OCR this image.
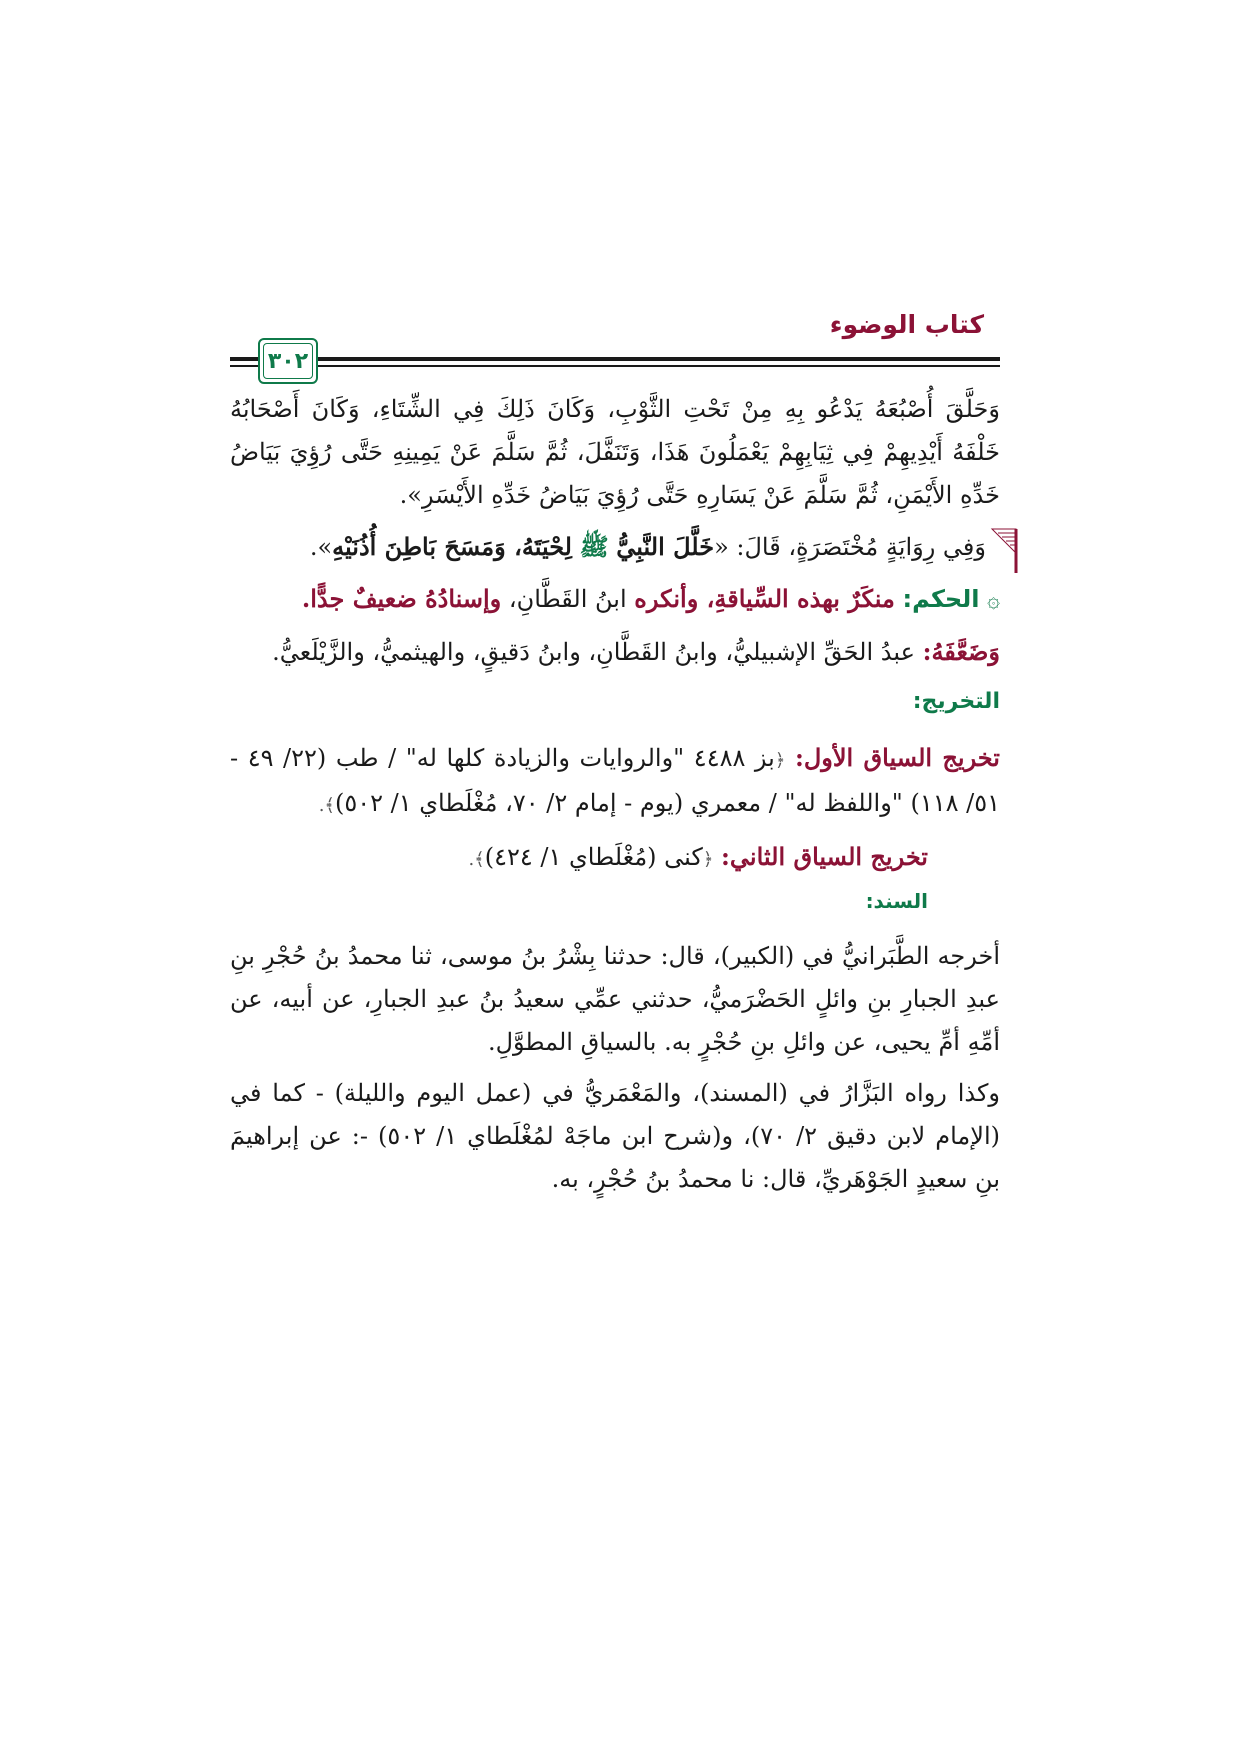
كتاب الوضوء
٣٠٢

وَحَلَّقَ أُصْبُعَهُ يَدْعُو بِهِ مِنْ تَحْتِ الثَّوْبِ، وَكَانَ ذَلِكَ فِي الشِّتَاءِ، وَكَانَ أَصْحَابُهُ خَلْفَهُ أَيْدِيهِمْ فِي ثِيَابِهِمْ يَعْمَلُونَ هَذَا، وَتَنَفَّلَ، ثُمَّ سَلَّمَ عَنْ يَمِينِهِ حَتَّى رُؤِيَ بَيَاضُ خَدِّهِ الأَيْمَنِ، ثُمَّ سَلَّمَ عَنْ يَسَارِهِ حَتَّى رُؤِيَ بَيَاضُ خَدِّهِ الأَيْسَرِ».

وَفِي رِوَايَةٍ مُخْتَصَرَةٍ، قَالَ: «خَلَّلَ النَّبِيُّ ﷺ لِحْيَتَهُ، وَمَسَحَ بَاطِنَ أُذُنَيْهِ».

۞ الحكم: منكَرٌ بهذه السِّياقةِ، وأنكره ابنُ القَطَّانِ، وإسنادُهُ ضعيفٌ جدًّا.

وَضَعَّفَهُ: عبدُ الحَقِّ الإشبيليُّ، وابنُ القَطَّانِ، وابنُ دَقيقٍ، والهيثميُّ، والزَّيْلَعيُّ.

التخريج:

تخريج السياق الأول: ﴿بز ٤٤٨٨ "والروايات والزيادة كلها له" / طب (٢٢/ ٤٩ - ٥١/ ١١٨) "واللفظ له" / معمري (يوم - إمام ٢/ ٧٠، مُغْلَطاي ١/ ٥٠٢)﴾.

تخريج السياق الثاني: ﴿كنى (مُغْلَطاي ١/ ٤٢٤)﴾.

السند:

أخرجه الطَّبَرانيُّ في (الكبير)، قال: حدثنا بِشْرُ بنُ موسى، ثنا محمدُ بنُ حُجْرِ بنِ عبدِ الجبارِ بنِ وائلٍ الحَضْرَميُّ، حدثني عمِّي سعيدُ بنُ عبدِ الجبارِ، عن أبيه، عن أمِّهِ أمِّ يحيى، عن وائلِ بنِ حُجْرٍ به. بالسياقِ المطوَّلِ.

وكذا رواه البَزَّارُ في (المسند)، والمَعْمَريُّ في (عمل اليوم والليلة) - كما في (الإمام لابن دقيق ٢/ ٧٠)، و(شرح ابن ماجَهْ لمُغْلَطاي ١/ ٥٠٢) -: عن إبراهيمَ بنِ سعيدٍ الجَوْهَريِّ، قال: نا محمدُ بنُ حُجْرٍ، به.
